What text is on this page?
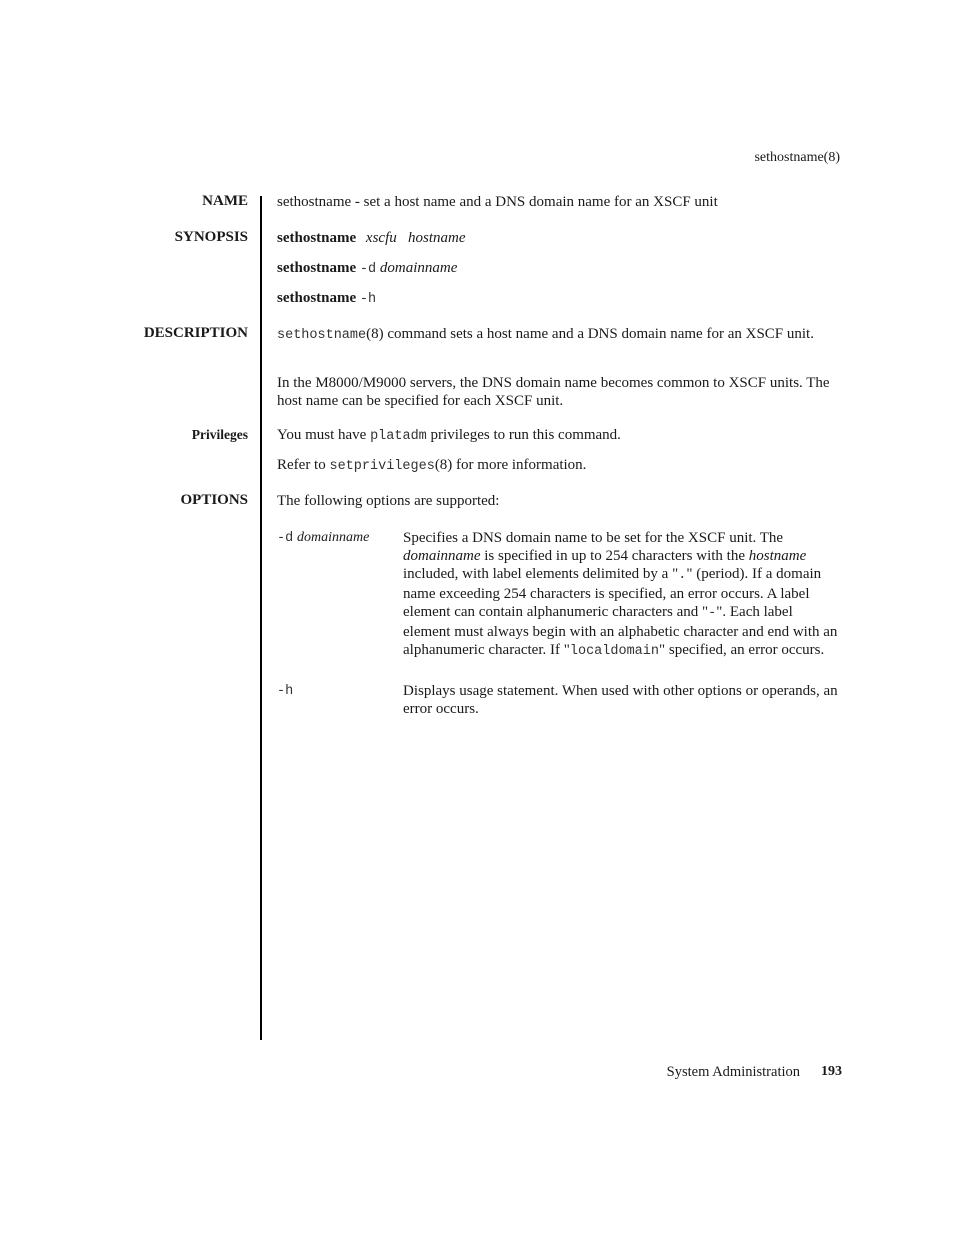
sethostname(8)
NAME sethostname - set a host name and a DNS domain name for an XSCF unit
SYNOPSIS sethostname xscfu   hostname
sethostname -d domainname
sethostname -h
DESCRIPTION sethostname(8) command sets a host name and a DNS domain name for an XSCF unit.
In the M8000/M9000 servers, the DNS domain name becomes common to XSCF units. The host name can be specified for each XSCF unit.
Privileges You must have platadm privileges to run this command.
Refer to setprivileges(8) for more information.
OPTIONS The following options are supported:
-d domainname	Specifies a DNS domain name to be set for the XSCF unit. The domainname is specified in up to 254 characters with the hostname included, with label elements delimited by a "." (period). If a domain name exceeding 254 characters is specified, an error occurs. A label element can contain alphanumeric characters and "-". Each label element must always begin with an alphabetic character and end with an alphanumeric character. If "localdomain" specified, an error occurs.
-h	Displays usage statement. When used with other options or operands, an error occurs.
System Administration 193
